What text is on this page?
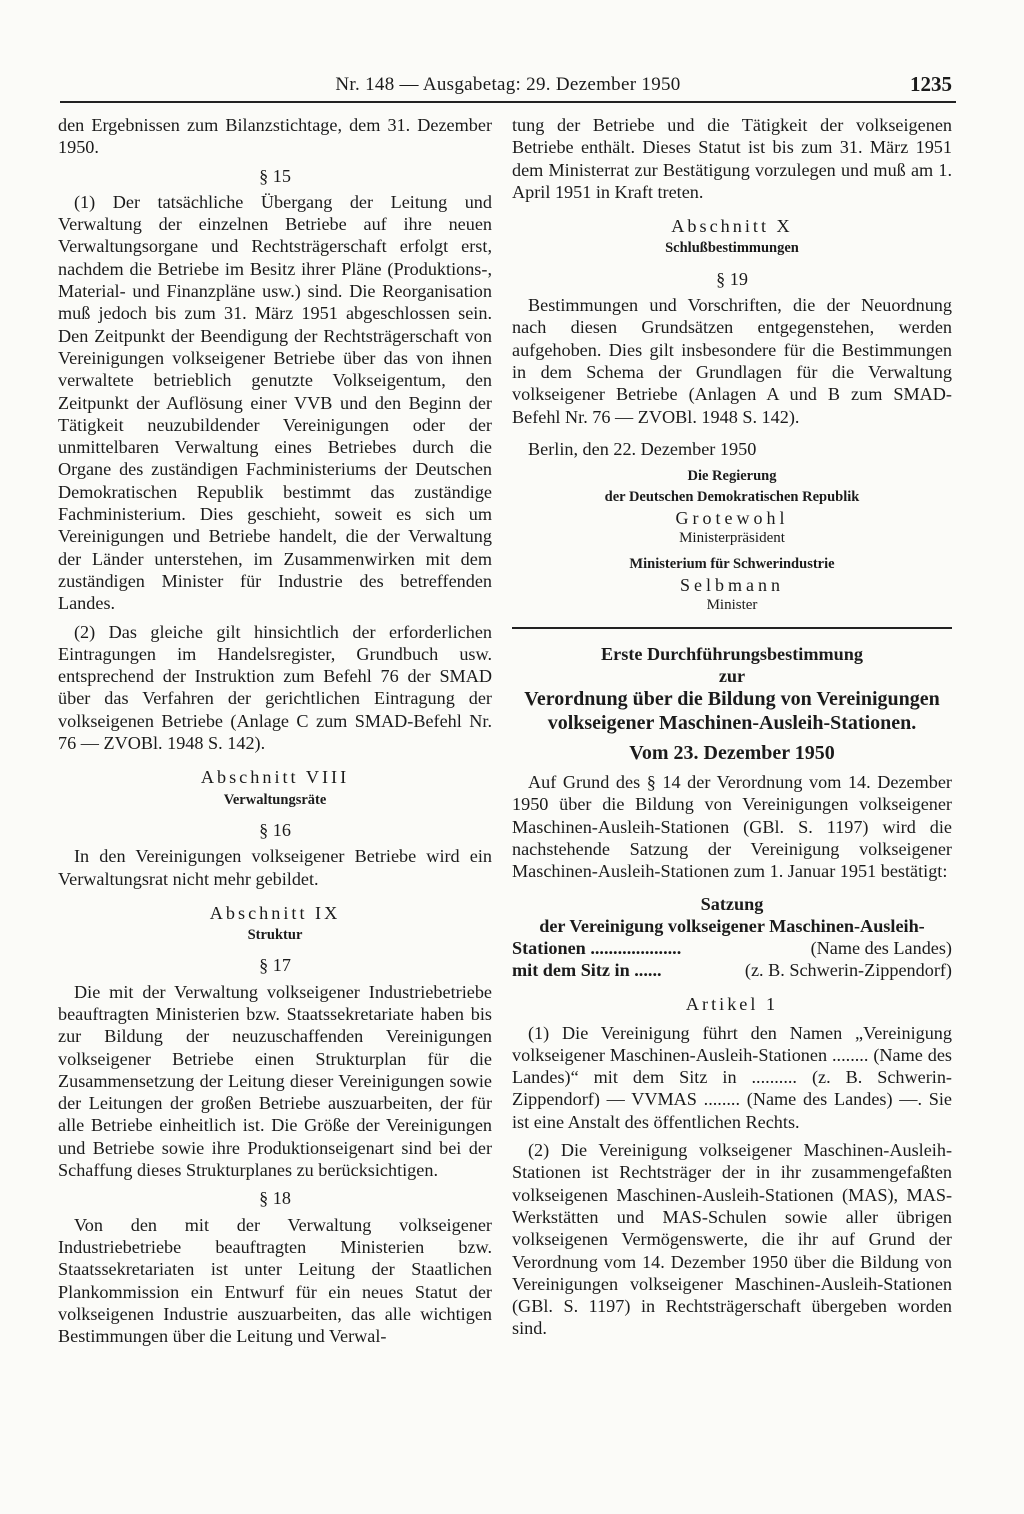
Nr. 148 — Ausgabetag: 29. Dezember 1950	1235

den Ergebnissen zum Bilanzstichtage, dem 31. Dezember 1950.

§ 15

(1) Der tatsächliche Übergang der Leitung und Verwaltung der einzelnen Betriebe auf ihre neuen Verwaltungsorgane und Rechtsträgerschaft erfolgt erst, nachdem die Betriebe im Besitz ihrer Pläne (Produktions-, Material- und Finanzpläne usw.) sind. Die Reorganisation muß jedoch bis zum 31. März 1951 abgeschlossen sein. Den Zeitpunkt der Beendigung der Rechtsträgerschaft von Vereinigungen volkseigener Betriebe über das von ihnen verwaltete betrieblich genutzte Volkseigentum, den Zeitpunkt der Auflösung einer VVB und den Beginn der Tätigkeit neuzubildender Vereinigungen oder der unmittelbaren Verwaltung eines Betriebes durch die Organe des zuständigen Fachministeriums der Deutschen Demokratischen Republik bestimmt das zuständige Fachministerium. Dies geschieht, soweit es sich um Vereinigungen und Betriebe handelt, die der Verwaltung der Länder unterstehen, im Zusammenwirken mit dem zuständigen Minister für Industrie des betreffenden Landes.

(2) Das gleiche gilt hinsichtlich der erforderlichen Eintragungen im Handelsregister, Grundbuch usw. entsprechend der Instruktion zum Befehl 76 der SMAD über das Verfahren der gerichtlichen Eintragung der volkseigenen Betriebe (Anlage C zum SMAD-Befehl Nr. 76 — ZVOBl. 1948 S. 142).

Abschnitt VIII
Verwaltungsräte
§ 16

In den Vereinigungen volkseigener Betriebe wird ein Verwaltungsrat nicht mehr gebildet.

Abschnitt IX
Struktur
§ 17

Die mit der Verwaltung volkseigener Industriebetriebe beauftragten Ministerien bzw. Staatssekretariate haben bis zur Bildung der neuzuschaffenden Vereinigungen volkseigener Betriebe einen Strukturplan für die Zusammensetzung der Leitung dieser Vereinigungen sowie der Leitungen der großen Betriebe auszuarbeiten, der für alle Betriebe einheitlich ist. Die Größe der Vereinigungen und Betriebe sowie ihre Produktionseigenart sind bei der Schaffung dieses Strukturplanes zu berücksichtigen.

§ 18

Von den mit der Verwaltung volkseigener Industriebetriebe beauftragten Ministerien bzw. Staatssekretariaten ist unter Leitung der Staatlichen Plankommission ein Entwurf für ein neues Statut der volkseigenen Industrie auszuarbeiten, das alle wichtigen Bestimmungen über die Leitung und Verwal-

tung der Betriebe und die Tätigkeit der volkseigenen Betriebe enthält. Dieses Statut ist bis zum 31. März 1951 dem Ministerrat zur Bestätigung vorzulegen und muß am 1. April 1951 in Kraft treten.

Abschnitt X
Schlußbestimmungen
§ 19

Bestimmungen und Vorschriften, die der Neuordnung nach diesen Grundsätzen entgegenstehen, werden aufgehoben. Dies gilt insbesondere für die Bestimmungen in dem Schema der Grundlagen für die Verwaltung volkseigener Betriebe (Anlagen A und B zum SMAD-Befehl Nr. 76 — ZVOBl. 1948 S. 142).

Berlin, den 22. Dezember 1950

Die Regierung
der Deutschen Demokratischen Republik
Grotewohl
Ministerpräsident
Ministerium für Schwerindustrie
Selbmann
Minister
Erste Durchführungsbestimmung
zur
Verordnung über die Bildung von Vereinigungen
volkseigener Maschinen-Ausleih-Stationen.
Vom 23. Dezember 1950

Auf Grund des § 14 der Verordnung vom 14. Dezember 1950 über die Bildung von Vereinigungen volkseigener Maschinen-Ausleih-Stationen (GBl. S. 1197) wird die nachstehende Satzung der Vereinigung volkseigener Maschinen-Ausleih-Stationen zum 1. Januar 1951 bestätigt:

Satzung
der Vereinigung volkseigener Maschinen-Ausleih-
Stationen ....................	(Name des Landes)
mit dem Sitz in ......	(z. B. Schwerin-Zippendorf)
Artikel 1

(1) Die Vereinigung führt den Namen „Vereinigung volkseigener Maschinen-Ausleih-Stationen ........ (Name des Landes)“ mit dem Sitz in .......... (z. B. Schwerin-Zippendorf) — VVMAS ........ (Name des Landes) —. Sie ist eine Anstalt des öffentlichen Rechts.

(2) Die Vereinigung volkseigener Maschinen-Ausleih-Stationen ist Rechtsträger der in ihr zusammengefaßten volkseigenen Maschinen-Ausleih-Stationen (MAS), MAS-Werkstätten und MAS-Schulen sowie aller übrigen volkseigenen Vermögenswerte, die ihr auf Grund der Verordnung vom 14. Dezember 1950 über die Bildung von Vereinigungen volkseigener Maschinen-Ausleih-Stationen (GBl. S. 1197) in Rechtsträgerschaft übergeben worden sind.
